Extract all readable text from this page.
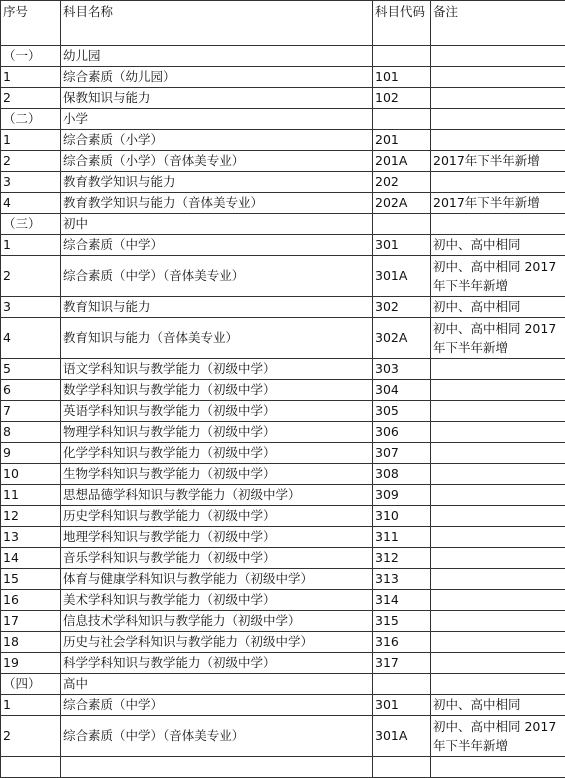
序号	科目名称	科目代码	备注
（一）	幼儿园		
1	综合素质（幼儿园）	101	
2	保教知识与能力	102	
（二）	小学		
1	综合素质（小学）	201	
2	综合素质（小学）（音体美专业）	201A	2017年下半年新增
3	教育教学知识与能力	202	
4	教育教学知识与能力（音体美专业）	202A	2017年下半年新增
（三）	初中		
1	综合素质（中学）	301	初中、高中相同
2	综合素质（中学）（音体美专业）	301A	初中、高中相同 2017年下半年新增
3	教育知识与能力	302	初中、高中相同
4	教育知识与能力（音体美专业）	302A	初中、高中相同 2017年下半年新增
5	语文学科知识与教学能力（初级中学）	303	
6	数学学科知识与教学能力（初级中学）	304	
7	英语学科知识与教学能力（初级中学）	305	
8	物理学科知识与教学能力（初级中学）	306	
9	化学学科知识与教学能力（初级中学）	307	
10	生物学科知识与教学能力（初级中学）	308	
11	思想品德学科知识与教学能力（初级中学）	309	
12	历史学科知识与教学能力（初级中学）	310	
13	地理学科知识与教学能力（初级中学）	311	
14	音乐学科知识与教学能力（初级中学）	312	
15	体育与健康学科知识与教学能力（初级中学）	313	
16	美术学科知识与教学能力（初级中学）	314	
17	信息技术学科知识与教学能力（初级中学）	315	
18	历史与社会学科知识与教学能力（初级中学）	316	
19	科学学科知识与教学能力（初级中学）	317	
（四）	高中		
1	综合素质（中学）	301	初中、高中相同
2	综合素质（中学）（音体美专业）	301A	初中、高中相同 2017年下半年新增
